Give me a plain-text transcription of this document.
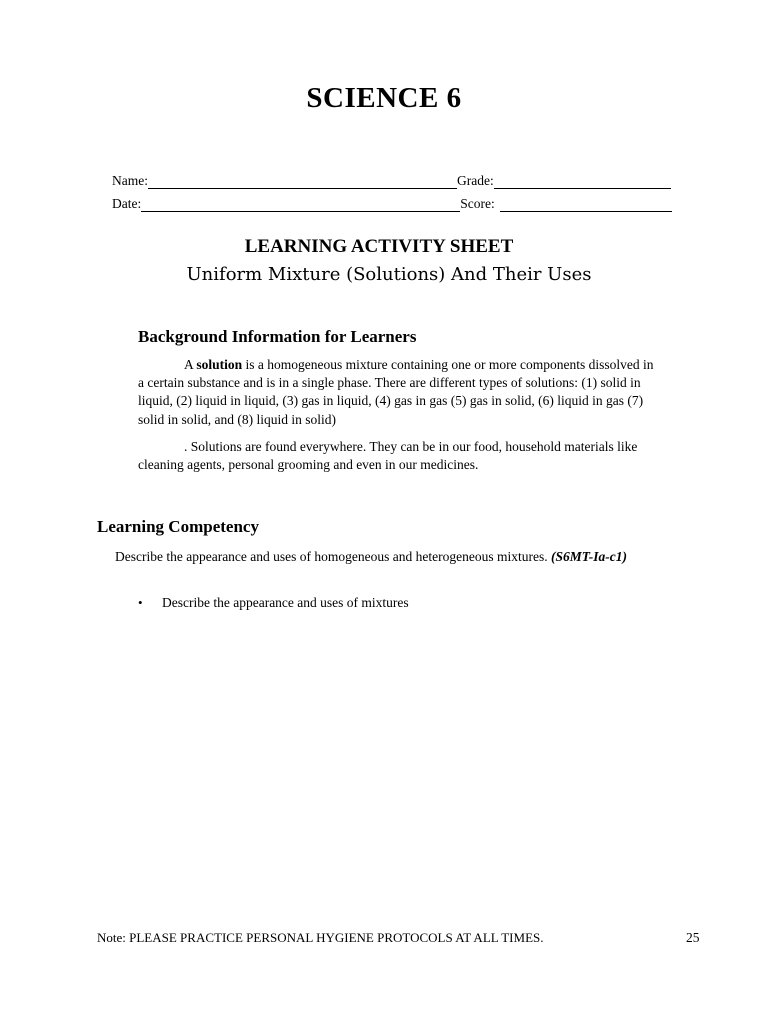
SCIENCE 6
Name:	Grade:
Date:	Score:
LEARNING ACTIVITY SHEET
Uniform Mixture (Solutions) And Their Uses
Background Information for Learners
A solution is a homogeneous mixture containing one or more components dissolved in a certain substance and is in a single phase. There are different types of solutions: (1) solid in liquid, (2) liquid in liquid, (3) gas in liquid, (4) gas in gas (5) gas in solid, (6) liquid in gas (7) solid in solid, and (8) liquid in solid)
. Solutions are found everywhere. They can be in our food, household materials like cleaning agents, personal grooming and even in our medicines.
Learning Competency
Describe the appearance and uses of homogeneous and heterogeneous mixtures. (S6MT-Ia-c1)
•	Describe the appearance and uses of mixtures
Note: PLEASE PRACTICE PERSONAL HYGIENE PROTOCOLS AT ALL TIMES.	25
